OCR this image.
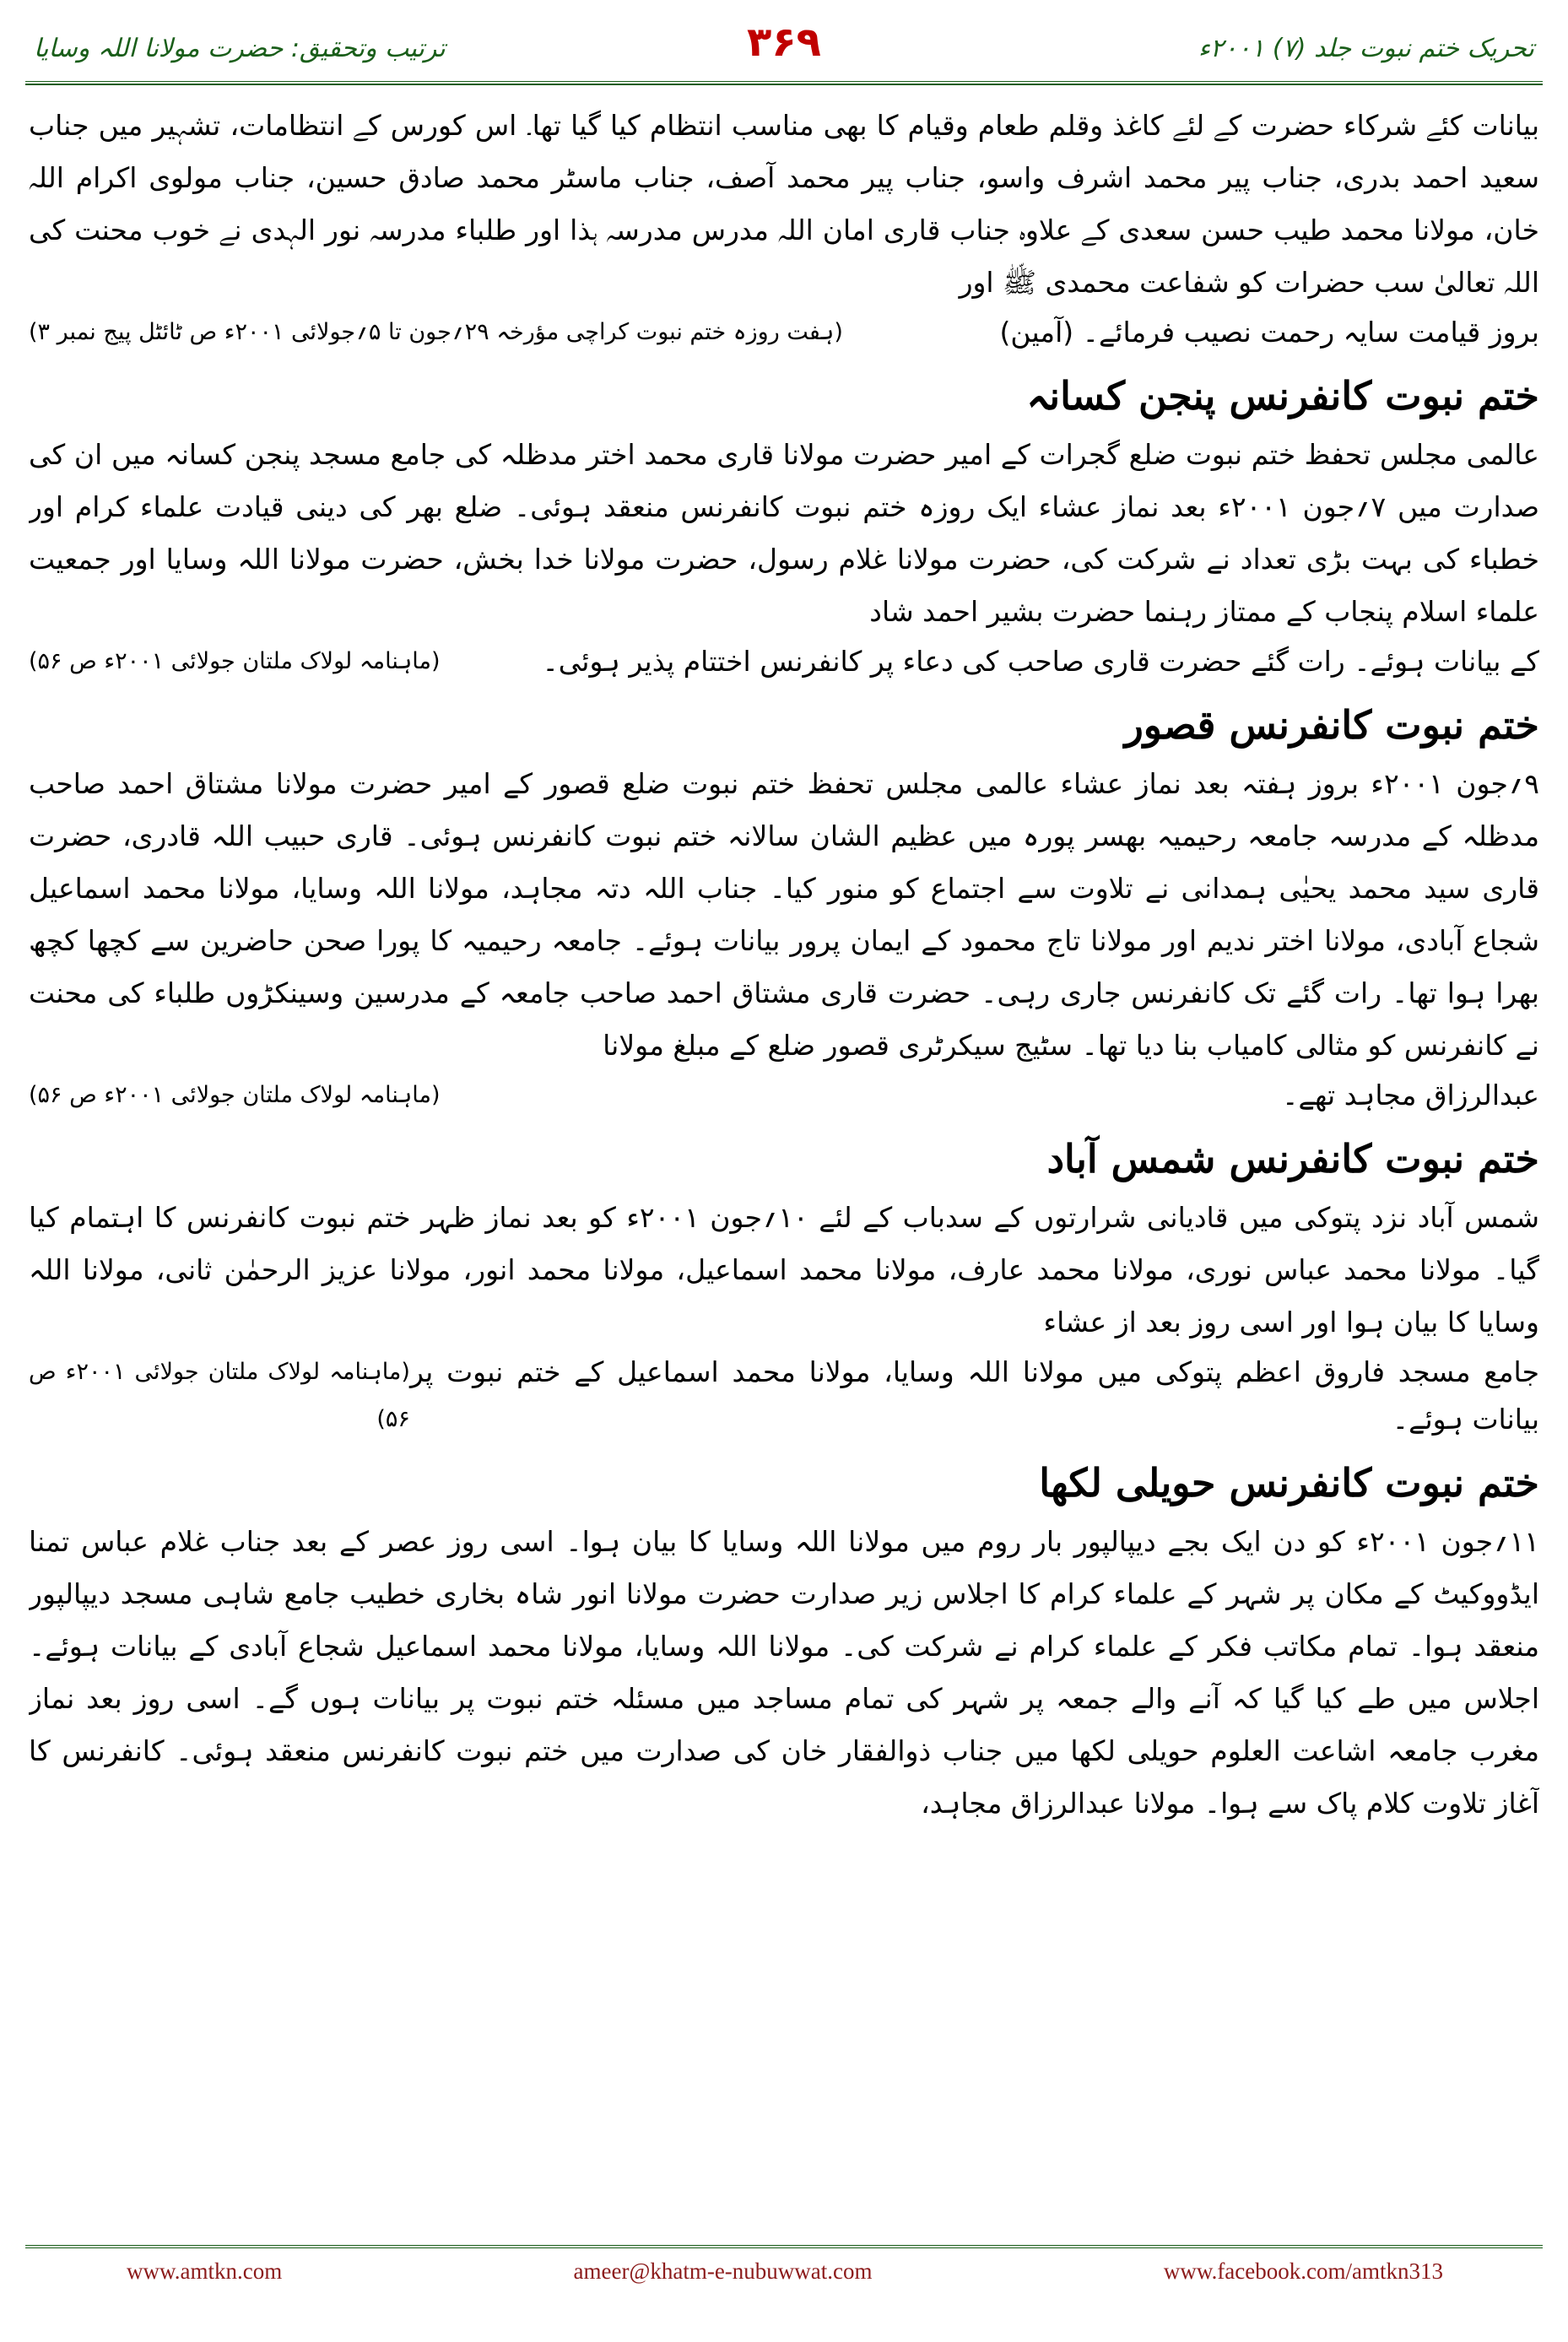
تحریک ختم نبوت جلد (۷) ۲۰۰۱ء
۳۶۹
ترتیب وتحقیق: حضرت مولانا اللہ وسایا

بیانات کئے شرکاء حضرت کے لئے کاغذ وقلم طعام وقیام کا بھی مناسب انتظام کیا گیا تھا۔ اس کورس کے انتظامات، تشہیر میں جناب سعید احمد بدری، جناب پیر محمد اشرف واسو، جناب پیر محمد آصف، جناب ماسٹر محمد صادق حسین، جناب مولوی اکرام اللہ خان، مولانا محمد طیب حسن سعدی کے علاوہ جناب قاری امان اللہ مدرس مدرسہ ہذا اور طلباء مدرسہ نور الہدی نے خوب محنت کی اللہ تعالیٰ سب حضرات کو شفاعت محمدی ﷺ اور

بروز قیامت سایہ رحمت نصیب فرمائے۔ (آمین)
(ہفت روزہ ختم نبوت کراچی مؤرخہ ۲۹؍جون تا ۵؍جولائی ۲۰۰۱ء ص ٹائٹل پیج نمبر ۳)
ختم نبوت کانفرنس پنجن کسانہ

عالمی مجلس تحفظ ختم نبوت ضلع گجرات کے امیر حضرت مولانا قاری محمد اختر مدظلہ کی جامع مسجد پنجن کسانہ میں ان کی صدارت میں ۷؍جون ۲۰۰۱ء بعد نماز عشاء ایک روزہ ختم نبوت کانفرنس منعقد ہوئی۔ ضلع بھر کی دینی قیادت علماء کرام اور خطباء کی بہت بڑی تعداد نے شرکت کی، حضرت مولانا غلام رسول، حضرت مولانا خدا بخش، حضرت مولانا اللہ وسایا اور جمعیت علماء اسلام پنجاب کے ممتاز رہنما حضرت بشیر احمد شاد

کے بیانات ہوئے۔ رات گئے حضرت قاری صاحب کی دعاء پر کانفرنس اختتام پذیر ہوئی۔
(ماہنامہ لولاک ملتان جولائی ۲۰۰۱ء ص ۵۶)
ختم نبوت کانفرنس قصور

۹؍جون ۲۰۰۱ء بروز ہفتہ بعد نماز عشاء عالمی مجلس تحفظ ختم نبوت ضلع قصور کے امیر حضرت مولانا مشتاق احمد صاحب مدظلہ کے مدرسہ جامعہ رحیمیہ بھسر پورہ میں عظیم الشان سالانہ ختم نبوت کانفرنس ہوئی۔ قاری حبیب اللہ قادری، حضرت قاری سید محمد یحیٰی ہمدانی نے تلاوت سے اجتماع کو منور کیا۔ جناب اللہ دتہ مجاہد، مولانا اللہ وسایا، مولانا محمد اسماعیل شجاع آبادی، مولانا اختر ندیم اور مولانا تاج محمود کے ایمان پرور بیانات ہوئے۔ جامعہ رحیمیہ کا پورا صحن حاضرین سے کچھا کچھ بھرا ہوا تھا۔ رات گئے تک کانفرنس جاری رہی۔ حضرت قاری مشتاق احمد صاحب جامعہ کے مدرسین وسینکڑوں طلباء کی محنت نے کانفرنس کو مثالی کامیاب بنا دیا تھا۔ سٹیج سیکرٹری قصور ضلع کے مبلغ مولانا

عبدالرزاق مجاہد تھے۔
(ماہنامہ لولاک ملتان جولائی ۲۰۰۱ء ص ۵۶)
ختم نبوت کانفرنس شمس آباد

شمس آباد نزد پتوکی میں قادیانی شرارتوں کے سدباب کے لئے ۱۰؍جون ۲۰۰۱ء کو بعد نماز ظہر ختم نبوت کانفرنس کا اہتمام کیا گیا۔ مولانا محمد عباس نوری، مولانا محمد عارف، مولانا محمد اسماعیل، مولانا محمد انور، مولانا عزیز الرحمٰن ثانی، مولانا اللہ وسایا کا بیان ہوا اور اسی روز بعد از عشاء

جامع مسجد فاروق اعظم پتوکی میں مولانا اللہ وسایا، مولانا محمد اسماعیل کے ختم نبوت پر بیانات ہوئے۔
(ماہنامہ لولاک ملتان جولائی ۲۰۰۱ء ص ۵۶)
ختم نبوت کانفرنس حویلی لکھا

۱۱؍جون ۲۰۰۱ء کو دن ایک بجے دیپالپور بار روم میں مولانا اللہ وسایا کا بیان ہوا۔ اسی روز عصر کے بعد جناب غلام عباس تمنا ایڈووکیٹ کے مکان پر شہر کے علماء کرام کا اجلاس زیر صدارت حضرت مولانا انور شاہ بخاری خطیب جامع شاہی مسجد دیپالپور منعقد ہوا۔ تمام مکاتب فکر کے علماء کرام نے شرکت کی۔ مولانا اللہ وسایا، مولانا محمد اسماعیل شجاع آبادی کے بیانات ہوئے۔ اجلاس میں طے کیا گیا کہ آنے والے جمعہ پر شہر کی تمام مساجد میں مسئلہ ختم نبوت پر بیانات ہوں گے۔ اسی روز بعد نماز مغرب جامعہ اشاعت العلوم حویلی لکھا میں جناب ذوالفقار خان کی صدارت میں ختم نبوت کانفرنس منعقد ہوئی۔ کانفرنس کا آغاز تلاوت کلام پاک سے ہوا۔ مولانا عبدالرزاق مجاہد،

www.amtkn.com	ameer@khatm-e-nubuwwat.com	www.facebook.com/amtkn313
